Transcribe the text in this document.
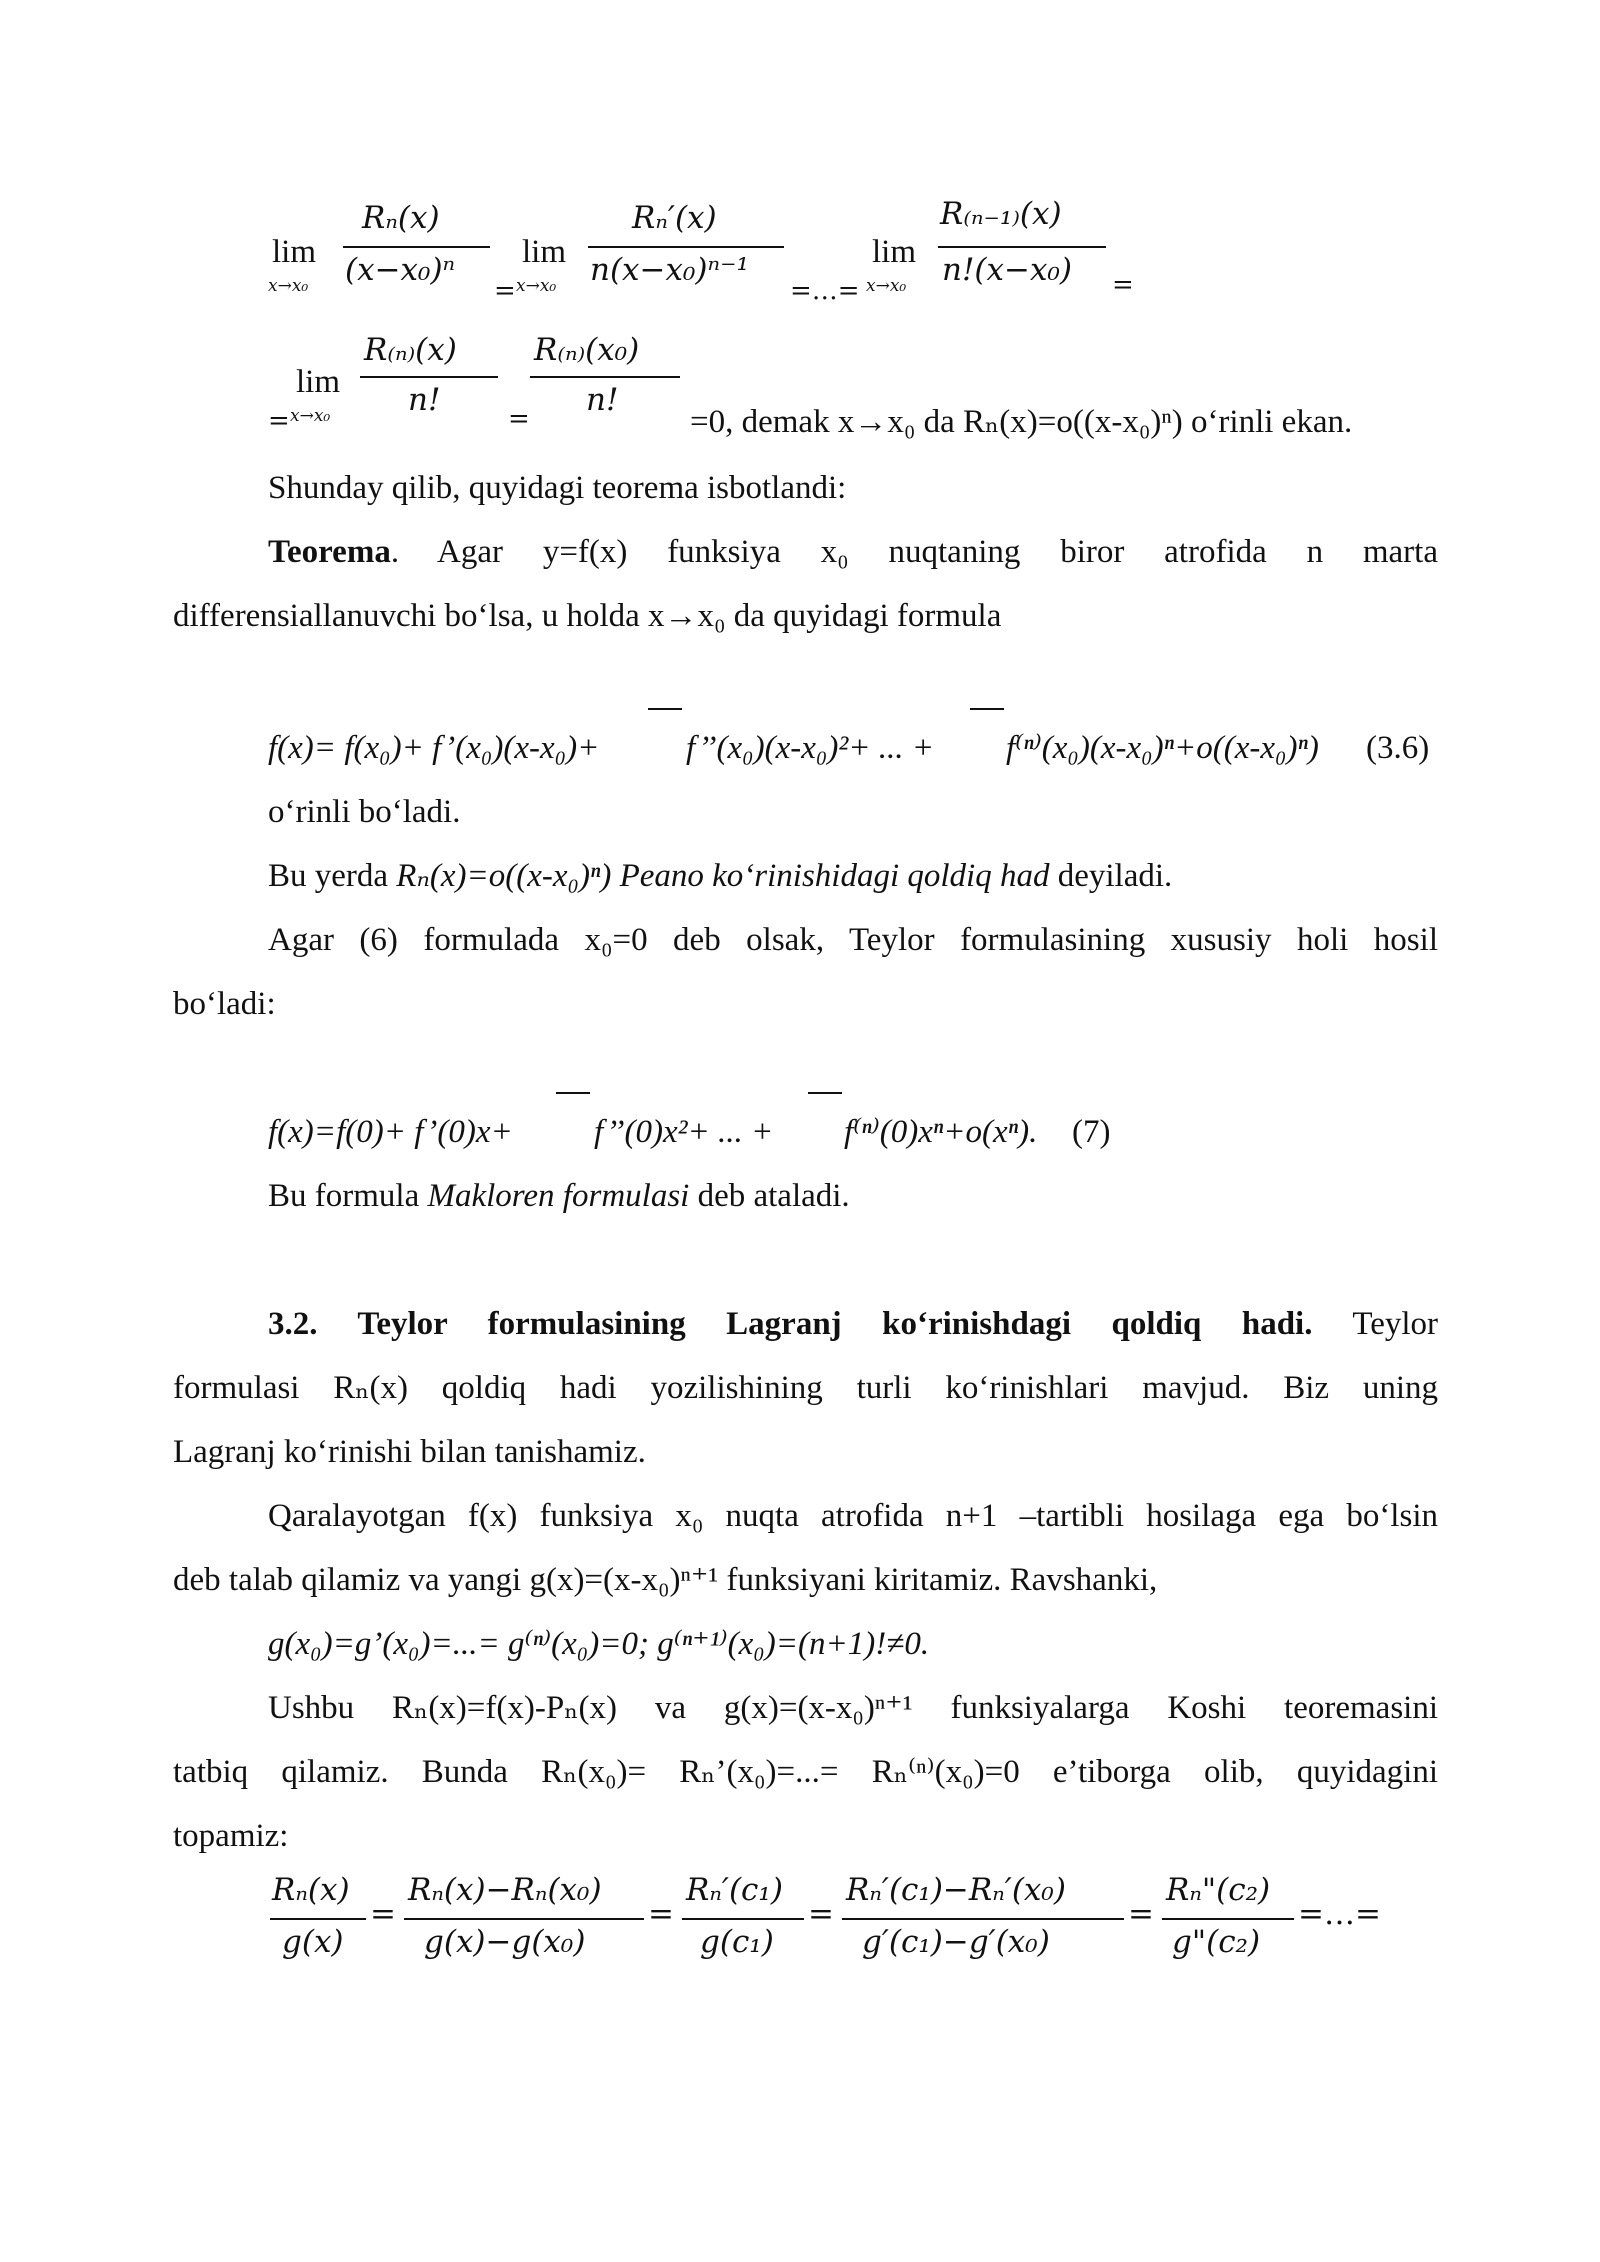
lim
x→x₀
Rₙ(x)
(x−x₀)ⁿ lim
= x→x₀
Rₙ′(x)
n(x−x₀)ⁿ⁻¹
=…=
lim
x→x₀
R₍ₙ₋₁₎(x)
n!(x−x₀) =
lim
= x→x₀
R₍ₙ₎(x)
n!
=
R₍ₙ₎(x₀)
n!
=0, demak x→x₀ da Rₙ(x)=o((x-x₀)ⁿ) o‘rinli ekan.
Shunday qilib, quyidagi teorema isbotlandi:
Teorema. Agar y=f(x) funksiya x₀ nuqtaning biror atrofida n marta
differensiallanuvchi bo‘lsa, u holda x→x₀ da quyidagi formula
f(x)= f(x₀)+ f’(x₀)(x-x₀)+	f’’(x₀)(x-x₀)²+ ... + f⁽ⁿ⁾(x₀)(x-x₀)ⁿ+o((x-x₀)ⁿ) (3.6)
o‘rinli bo‘ladi.
Bu yerda Rₙ(x)=o((x-x₀)ⁿ) Peano ko‘rinishidagi qoldiq had deyiladi.
Agar (6) formulada x₀=0 deb olsak, Teylor formulasining xususiy holi hosil
bo‘ladi:
f(x)=f(0)+ f’(0)x+ f’’(0)x²+ ... + f⁽ⁿ⁾(0)xⁿ+o(xⁿ). (7)
Bu formula Makloren formulasi deb ataladi.
3.2. Teylor formulasining Lagranj ko‘rinishdagi qoldiq hadi. Teylor
formulasi Rₙ(x) qoldiq hadi yozilishining turli ko‘rinishlari mavjud. Biz uning
Lagranj ko‘rinishi bilan tanishamiz.
Qaralayotgan f(x) funksiya x₀ nuqta atrofida n+1 –tartibli hosilaga ega bo‘lsin
deb talab qilamiz va yangi g(x)=(x-x₀)ⁿ⁺¹ funksiyani kiritamiz. Ravshanki,
g(x₀)=g’(x₀)=...= g⁽ⁿ⁾(x₀)=0; g⁽ⁿ⁺¹⁾(x₀)=(n+1)!≠0.
Ushbu Rₙ(x)=f(x)-Pₙ(x) va g(x)=(x-x₀)ⁿ⁺¹ funksiyalarga Koshi teoremasini
tatbiq qilamiz. Bunda Rₙ(x₀)= Rₙ’(x₀)=...= Rₙ⁽ⁿ⁾(x₀)=0 e’tiborga olib, quyidagini
topamiz:
Rₙ(x)
g(x)
=
Rₙ(x)−Rₙ(x₀)
g(x)−g(x₀)
=
Rₙ′(c₁)
g(c₁)
=
Rₙ′(c₁)−Rₙ′(x₀)
g′(c₁)−g′(x₀)
=
Rₙ"(c₂)
g"(c₂)
=…=
